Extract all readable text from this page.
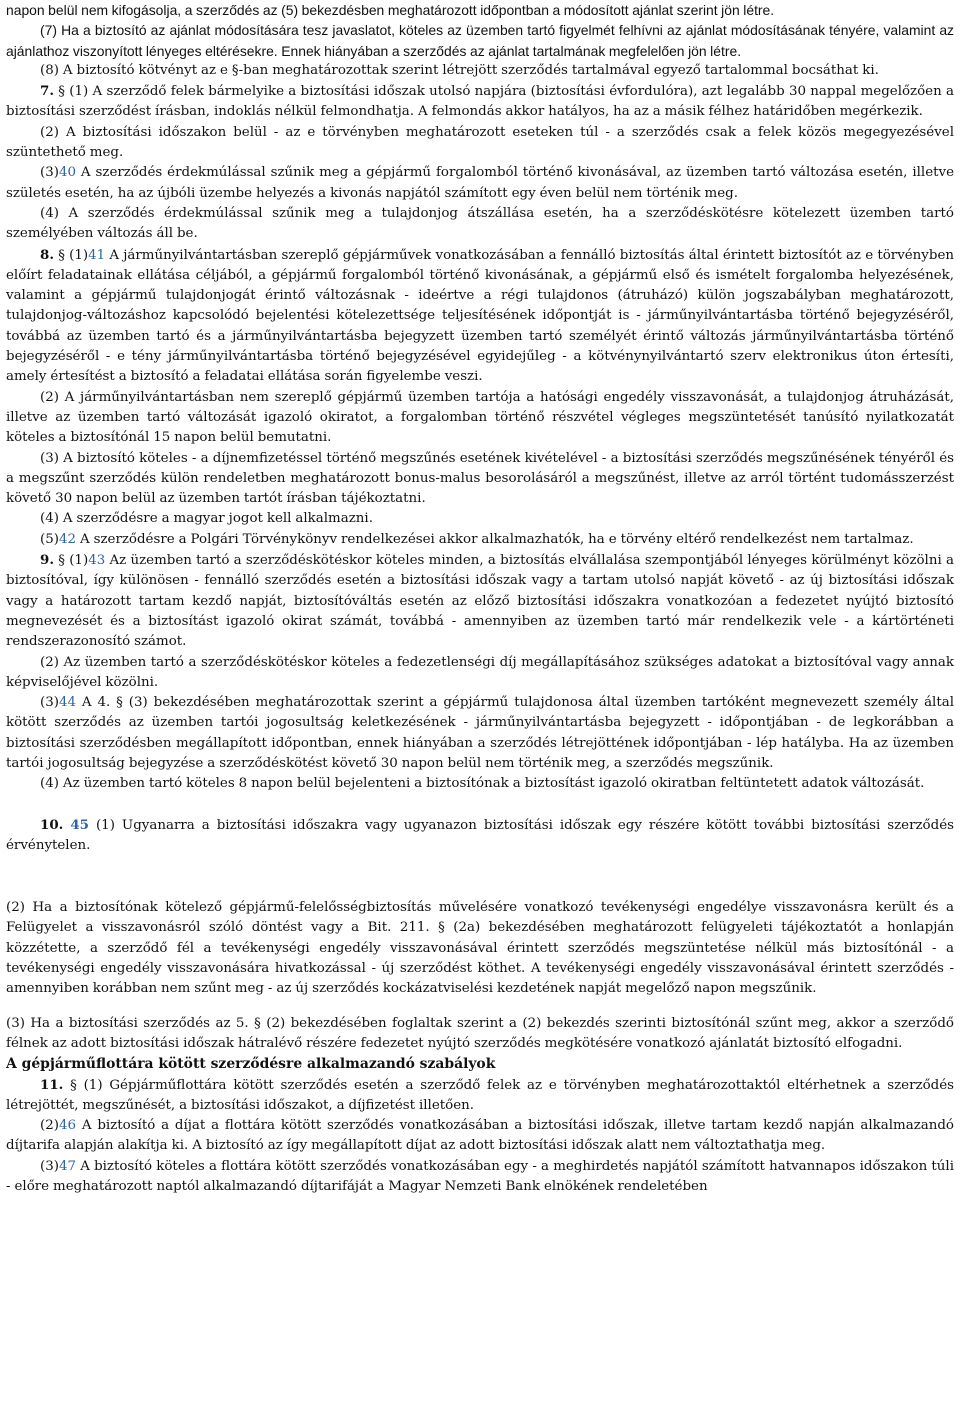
napon belül nem kifogásolja, a szerződés az (5) bekezdésben meghatározott időpontban a módosított ajánlat szerint jön létre.

(7) Ha a biztosító az ajánlat módosítására tesz javaslatot, köteles az üzemben tartó figyelmét felhívni az ajánlat módosításának tényére, valamint az ajánlathoz viszonyított lényeges eltérésekre. Ennek hiányában a szerződés az ajánlat tartalmának megfelelően jön létre.

(8) A biztosító kötvényt az e §-ban meghatározottak szerint létrejött szerződés tartalmával egyező tartalommal bocsáthat ki.

7. § (1) A szerződő felek bármelyike a biztosítási időszak utolsó napjára (biztosítási évfordulóra), azt legalább 30 nappal megelőzően a biztosítási szerződést írásban, indoklás nélkül felmondhatja. A felmondás akkor hatályos, ha az a másik félhez határidőben megérkezik.

(2) A biztosítási időszakon belül - az e törvényben meghatározott eseteken túl - a szerződés csak a felek közös megegyezésével szüntethető meg.

(3)40 A szerződés érdekmúlással szűnik meg a gépjármű forgalomból történő kivonásával, az üzemben tartó változása esetén, illetve születés esetén, ha az újbóli üzembe helyezés a kivonás napjától számított egy éven belül nem történik meg.

(4) A szerződés érdekmúlással szűnik meg a tulajdonjog átszállása esetén, ha a szerződéskötésre kötelezett üzemben tartó személyében változás áll be.

8. § (1)41 A járműnyilvántartásban szereplő gépjárművek vonatkozásában a fennálló biztosítás által érintett biztosítót az e törvényben előírt feladatainak ellátása céljából, a gépjármű forgalomból történő kivonásának, a gépjármű első és ismételt forgalomba helyezésének, valamint a gépjármű tulajdonjogát érintő változásnak - ideértve a régi tulajdonos (átruházó) külön jogszabályban meghatározott, tulajdonjog-változáshoz kapcsolódó bejelentési kötelezettsége teljesítésének időpontját is - járműnyilvántartásba történő bejegyzéséről, továbbá az üzemben tartó és a járműnyilvántartásba bejegyzett üzemben tartó személyét érintő változás járműnyilvántartásba történő bejegyzéséről - e tény járműnyilvántartásba történő bejegyzésével egyidejűleg - a kötvénynyilvántartó szerv elektronikus úton értesíti, amely értesítést a biztosító a feladatai ellátása során figyelembe veszi.

(2) A járműnyilvántartásban nem szereplő gépjármű üzemben tartója a hatósági engedély visszavonását, a tulajdonjog átruházását, illetve az üzemben tartó változását igazoló okiratot, a forgalomban történő részvétel végleges megszüntetését tanúsító nyilatkozatát köteles a biztosítónál 15 napon belül bemutatni.

(3) A biztosító köteles - a díjnemfizetéssel történő megszűnés esetének kivételével - a biztosítási szerződés megszűnésének tényéről és a megszűnt szerződés külön rendeletben meghatározott bonus-malus besorolásáról a megszűnést, illetve az arról történt tudomásszerzést követő 30 napon belül az üzemben tartót írásban tájékoztatni.

(4) A szerződésre a magyar jogot kell alkalmazni.

(5)42 A szerződésre a Polgári Törvénykönyv rendelkezései akkor alkalmazhatók, ha e törvény eltérő rendelkezést nem tartalmaz.

9. § (1)43 Az üzemben tartó a szerződéskötéskor köteles minden, a biztosítás elvállalása szempontjából lényeges körülményt közölni a biztosítóval, így különösen - fennálló szerződés esetén a biztosítási időszak vagy a tartam utolsó napját követő - az új biztosítási időszak vagy a határozott tartam kezdő napját, biztosítóváltás esetén az előző biztosítási időszakra vonatkozóan a fedezetet nyújtó biztosító megnevezését és a biztosítást igazoló okirat számát, továbbá - amennyiben az üzemben tartó már rendelkezik vele - a kártörténeti rendszerazonosító számot.

(2) Az üzemben tartó a szerződéskötéskor köteles a fedezetlenségi díj megállapításához szükséges adatokat a biztosítóval vagy annak képviselőjével közölni.

(3)44 A 4. § (3) bekezdésében meghatározottak szerint a gépjármű tulajdonosa által üzemben tartóként megnevezett személy által kötött szerződés az üzemben tartói jogosultság keletkezésének - járműnyilvántartásba bejegyzett - időpontjában - de legkorábban a biztosítási szerződésben megállapított időpontban, ennek hiányában a szerződés létrejöttének időpontjában - lép hatályba. Ha az üzemben tartói jogosultság bejegyzése a szerződéskötést követő 30 napon belül nem történik meg, a szerződés megszűnik.

(4) Az üzemben tartó köteles 8 napon belül bejelenteni a biztosítónak a biztosítást igazoló okiratban feltüntetett adatok változását.

10. 45 (1) Ugyanarra a biztosítási időszakra vagy ugyanazon biztosítási időszak egy részére kötött további biztosítási szerződés érvénytelen.

(2) Ha a biztosítónak kötelező gépjármű-felelősségbiztosítás művelésére vonatkozó tevékenységi engedélye visszavonásra került és a Felügyelet a visszavonásról szóló döntést vagy a Bit. 211. § (2a) bekezdésében meghatározott felügyeleti tájékoztatót a honlapján közzétette, a szerződő fél a tevékenységi engedély visszavonásával érintett szerződés megszüntetése nélkül más biztosítónál - a tevékenységi engedély visszavonására hivatkozással - új szerződést köthet. A tevékenységi engedély visszavonásával érintett szerződés - amennyiben korábban nem szűnt meg - az új szerződés kockázatviselési kezdetének napját megelőző napon megszűnik.

(3) Ha a biztosítási szerződés az 5. § (2) bekezdésében foglaltak szerint a (2) bekezdés szerinti biztosítónál szűnt meg, akkor a szerződő félnek az adott biztosítási időszak hátralévő részére fedezetet nyújtó szerződés megkötésére vonatkozó ajánlatát biztosító elfogadni.

A gépjárműflottára kötött szerződésre alkalmazandó szabályok

11. § (1) Gépjárműflottára kötött szerződés esetén a szerződő felek az e törvényben meghatározottaktól eltérhetnek a szerződés létrejöttét, megszűnését, a biztosítási időszakot, a díjfizetést illetően.

(2)46 A biztosító a díjat a flottára kötött szerződés vonatkozásában a biztosítási időszak, illetve tartam kezdő napján alkalmazandó díjtarifa alapján alakítja ki. A biztosító az így megállapított díjat az adott biztosítási időszak alatt nem változtathatja meg.

(3)47 A biztosító köteles a flottára kötött szerződés vonatkozásában egy - a meghirdetés napjától számított hatvannapos időszakon túli - előre meghatározott naptól alkalmazandó díjtarifáját a Magyar Nemzeti Bank elnökének rendeletében
